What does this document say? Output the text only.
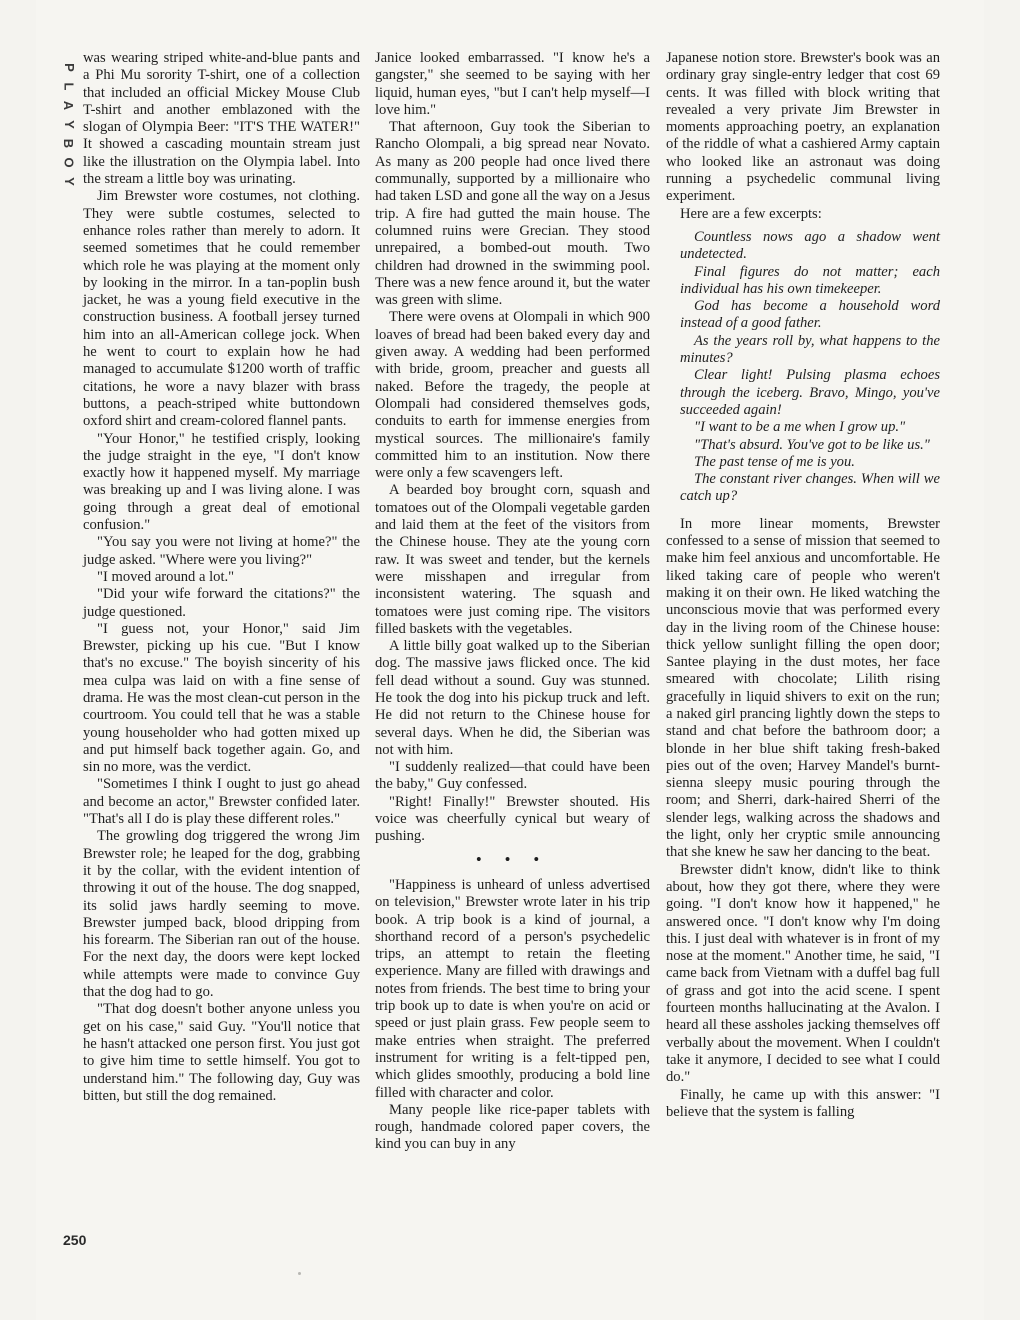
P
L
A
Y
B
O
Y

was wearing striped white-and-blue pants and a Phi Mu sorority T-shirt, one of a collection that included an official Mickey Mouse Club T-shirt and another emblazoned with the slogan of Olympia Beer: "IT'S THE WATER!" It showed a cascading mountain stream just like the illustration on the Olympia label. Into the stream a little boy was urinating.

Jim Brewster wore costumes, not clothing. They were subtle costumes, selected to enhance roles rather than merely to adorn. It seemed sometimes that he could remember which role he was playing at the moment only by looking in the mirror. In a tan-poplin bush jacket, he was a young field executive in the construction business. A football jersey turned him into an all-American college jock. When he went to court to explain how he had managed to accumulate $1200 worth of traffic citations, he wore a navy blazer with brass buttons, a peach-striped white buttondown oxford shirt and cream-colored flannel pants.

"Your Honor," he testified crisply, looking the judge straight in the eye, "I don't know exactly how it happened myself. My marriage was breaking up and I was living alone. I was going through a great deal of emotional confusion."

"You say you were not living at home?" the judge asked. "Where were you living?"

"I moved around a lot."

"Did your wife forward the citations?" the judge questioned.

"I guess not, your Honor," said Jim Brewster, picking up his cue. "But I know that's no excuse." The boyish sincerity of his mea culpa was laid on with a fine sense of drama. He was the most clean-cut person in the courtroom. You could tell that he was a stable young householder who had gotten mixed up and put himself back together again. Go, and sin no more, was the verdict.

"Sometimes I think I ought to just go ahead and become an actor," Brewster confided later. "That's all I do is play these different roles."

The growling dog triggered the wrong Jim Brewster role; he leaped for the dog, grabbing it by the collar, with the evident intention of throwing it out of the house. The dog snapped, its solid jaws hardly seeming to move. Brewster jumped back, blood dripping from his forearm. The Siberian ran out of the house. For the next day, the doors were kept locked while attempts were made to convince Guy that the dog had to go.

"That dog doesn't bother anyone unless you get on his case," said Guy. "You'll notice that he hasn't attacked one person first. You just got to give him time to settle himself. You got to understand him." The following day, Guy was bitten, but still the dog remained.

Janice looked embarrassed. "I know he's a gangster," she seemed to be saying with her liquid, human eyes, "but I can't help myself—I love him."

That afternoon, Guy took the Siberian to Rancho Olompali, a big spread near Novato. As many as 200 people had once lived there communally, supported by a millionaire who had taken LSD and gone all the way on a Jesus trip. A fire had gutted the main house. The columned ruins were Grecian. They stood unrepaired, a bombed-out mouth. Two children had drowned in the swimming pool. There was a new fence around it, but the water was green with slime.

There were ovens at Olompali in which 900 loaves of bread had been baked every day and given away. A wedding had been performed with bride, groom, preacher and guests all naked. Before the tragedy, the people at Olompali had considered themselves gods, conduits to earth for immense energies from mystical sources. The millionaire's family committed him to an institution. Now there were only a few scavengers left.

A bearded boy brought corn, squash and tomatoes out of the Olompali vegetable garden and laid them at the feet of the visitors from the Chinese house. They ate the young corn raw. It was sweet and tender, but the kernels were misshapen and irregular from inconsistent watering. The squash and tomatoes were just coming ripe. The visitors filled baskets with the vegetables.

A little billy goat walked up to the Siberian dog. The massive jaws flicked once. The kid fell dead without a sound. Guy was stunned. He took the dog into his pickup truck and left. He did not return to the Chinese house for several days. When he did, the Siberian was not with him.

"I suddenly realized—that could have been the baby," Guy confessed.

"Right! Finally!" Brewster shouted. His voice was cheerfully cynical but weary of pushing.

• • •

"Happiness is unheard of unless advertised on television," Brewster wrote later in his trip book. A trip book is a kind of journal, a shorthand record of a person's psychedelic trips, an attempt to retain the fleeting experience. Many are filled with drawings and notes from friends. The best time to bring your trip book up to date is when you're on acid or speed or just plain grass. Few people seem to make entries when straight. The preferred instrument for writing is a felt-tipped pen, which glides smoothly, producing a bold line filled with character and color.

Many people like rice-paper tablets with rough, handmade colored paper covers, the kind you can buy in any

Japanese notion store. Brewster's book was an ordinary gray single-entry ledger that cost 69 cents. It was filled with block writing that revealed a very private Jim Brewster in moments approaching poetry, an explanation of the riddle of what a cashiered Army captain who looked like an astronaut was doing running a psychedelic communal living experiment.

Here are a few excerpts:

Countless nows ago a shadow went undetected.

Final figures do not matter; each individual has his own timekeeper.

God has become a household word instead of a good father.

As the years roll by, what happens to the minutes?

Clear light! Pulsing plasma echoes through the iceberg. Bravo, Mingo, you've succeeded again!

"I want to be a me when I grow up."

"That's absurd. You've got to be like us."

The past tense of me is you.

The constant river changes. When will we catch up?

In more linear moments, Brewster confessed to a sense of mission that seemed to make him feel anxious and uncomfortable. He liked taking care of people who weren't making it on their own. He liked watching the unconscious movie that was performed every day in the living room of the Chinese house: thick yellow sunlight filling the open door; Santee playing in the dust motes, her face smeared with chocolate; Lilith rising gracefully in liquid shivers to exit on the run; a naked girl prancing lightly down the steps to stand and chat before the bathroom door; a blonde in her blue shift taking fresh-baked pies out of the oven; Harvey Mandel's burnt-sienna sleepy music pouring through the room; and Sherri, dark-haired Sherri of the slender legs, walking across the shadows and the light, only her cryptic smile announcing that she knew he saw her dancing to the beat.

Brewster didn't know, didn't like to think about, how they got there, where they were going. "I don't know how it happened," he answered once. "I don't know why I'm doing this. I just deal with whatever is in front of my nose at the moment." Another time, he said, "I came back from Vietnam with a duffel bag full of grass and got into the acid scene. I spent fourteen months hallucinating at the Avalon. I heard all these assholes jacking themselves off verbally about the movement. When I couldn't take it anymore, I decided to see what I could do."

Finally, he came up with this answer: "I believe that the system is falling

250
